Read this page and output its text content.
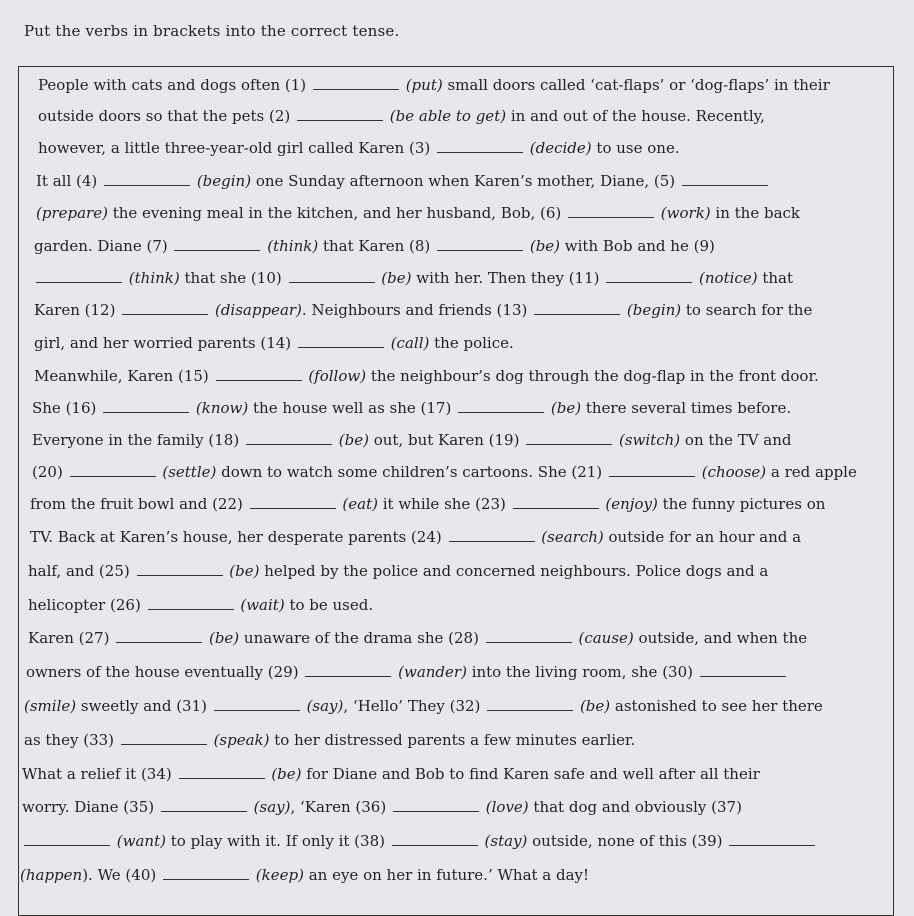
Put the verbs in brackets into the correct tense.
People with cats and dogs often (1)	(put) small doors called ‘cat-flaps’ or ‘dog-flaps’ in their
outside doors so that the pets (2)	(be able to get) in and out of the house. Recently,
however, a little three-year-old girl called Karen (3)	(decide) to use one.
It all (4)	(begin) one Sunday afternoon when Karen’s mother, Diane, (5)
(prepare) the evening meal in the kitchen, and her husband, Bob, (6)	(work) in the back
garden. Diane (7)	(think) that Karen (8)	(be) with Bob and he (9)
(think) that she (10)	(be) with her. Then they (11)	(notice) that
Karen (12)	(disappear). Neighbours and friends (13)	(begin) to search for the
girl, and her worried parents (14)	(call) the police.
Meanwhile, Karen (15)	(follow) the neighbour’s dog through the dog-flap in the front door.
She (16)	(know) the house well as she (17)	(be) there several times before.
Everyone in the family (18)	(be) out, but Karen (19)	(switch) on the TV and
(20)	(settle) down to watch some children’s cartoons. She (21)	(choose) a red apple
from the fruit bowl and (22)	(eat) it while she (23)	(enjoy) the funny pictures on
TV. Back at Karen’s house, her desperate parents (24)	(search) outside for an hour and a
half, and (25)	(be) helped by the police and concerned neighbours. Police dogs and a
helicopter (26)	(wait) to be used.
Karen (27)	(be) unaware of the drama she (28)	(cause) outside, and when the
owners of the house eventually (29)	(wander) into the living room, she (30)
(smile) sweetly and (31)	(say), ‘Hello’ They (32)	(be) astonished to see her there
as they (33)	(speak) to her distressed parents a few minutes earlier.
What a relief it (34)	(be) for Diane and Bob to find Karen safe and well after all their
worry. Diane (35)	(say), ‘Karen (36)	(love) that dog and obviously (37)
(want) to play with it. If only it (38)	(stay) outside, none of this (39)
(happen). We (40)	(keep) an eye on her in future.’ What a day!
